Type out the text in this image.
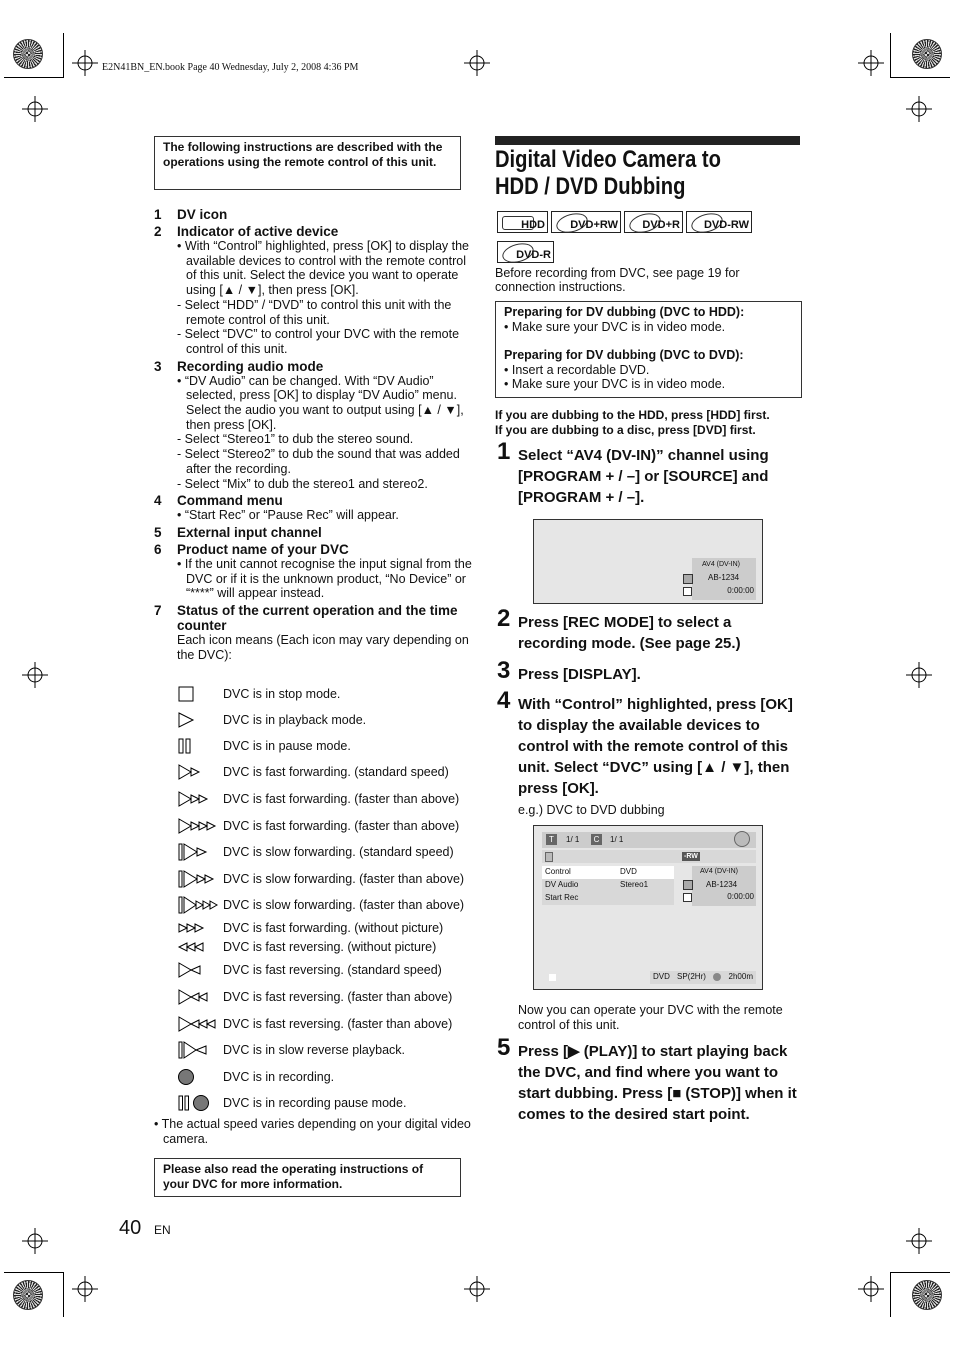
E2N41BN_EN.book Page 40 Wednesday, July 2, 2008 4:36 PM
The following instructions are described with the operations using the remote control of this unit.
1	DV icon
2	Indicator of active device
• With “Control” highlighted, press [OK] to display the available devices to control with the remote control of this unit. Select the device you want to operate using [▲ / ▼], then press [OK].
- Select “HDD” / “DVD” to control this unit with the remote control of this unit.
- Select “DVC” to control your DVC with the remote control of this unit.
3	Recording audio mode
• “DV Audio” can be changed. With “DV Audio” selected, press [OK] to display “DV Audio” menu. Select the audio you want to output using [▲ / ▼], then press [OK].
- Select “Stereo1” to dub the stereo sound.
- Select “Stereo2” to dub the sound that was added after the recording.
- Select “Mix” to dub the stereo1 and stereo2.
4	Command menu
• “Start Rec” or “Pause Rec” will appear.
5	External input channel
6	Product name of your DVC
• If the unit cannot recognise the input signal from the DVC or if it is the unknown product, “No Device” or “****” will appear instead.
7	Status of the current operation and the time counter
Each icon means (Each icon may vary depending on the DVC):
DVC is in stop mode.
DVC is in playback mode.
DVC is in pause mode.
DVC is fast forwarding. (standard speed)
DVC is fast forwarding. (faster than above)
DVC is fast forwarding. (faster than above)
DVC is slow forwarding. (standard speed)
DVC is slow forwarding. (faster than above)
DVC is slow forwarding. (faster than above)
DVC is fast forwarding. (without picture)
DVC is fast reversing. (without picture)
DVC is fast reversing. (standard speed)
DVC is fast reversing. (faster than above)
DVC is fast reversing. (faster than above)
DVC is in slow reverse playback.
DVC is in recording.
DVC is in recording pause mode.
• The actual speed varies depending on your digital video camera.
Please also read the operating instructions of your DVC for more information.
40 EN
Digital Video Camera to HDD / DVD Dubbing
HDD DVD+RW DVD+R DVD-RW
DVD-R
Before recording from DVC, see page 19 for connection instructions.
Preparing for DV dubbing (DVC to HDD):
• Make sure your DVC is in video mode.
Preparing for DV dubbing (DVC to DVD):
• Insert a recordable DVD.
• Make sure your DVC is in video mode.
If you are dubbing to the HDD, press [HDD] first.
If you are dubbing to a disc, press [DVD] first.
1 Select “AV4 (DV-IN)” channel using [PROGRAM + / –] or [SOURCE] and [PROGRAM + / –].
AV4 (DV-IN)
AB-1234
0:00:00
2 Press [REC MODE] to select a recording mode. (See page 25.)
3 Press [DISPLAY].
4 With “Control” highlighted, press [OK] to display the available devices to control with the remote control of this unit. Select “DVC” using [▲ / ▼], then press [OK].
e.g.) DVC to DVD dubbing
T	1/ 1	C	1/ 1
-RW
Control	DVD
DV Audio	Stereo1
Start Rec
AV4 (DV-IN)
AB-1234
0:00:00
DVD SP(2Hr)	2h00m
Now you can operate your DVC with the remote control of this unit.
5 Press [▶ (PLAY)] to start playing back the DVC, and find where you want to start dubbing. Press [■ (STOP)] when it comes to the desired start point.
